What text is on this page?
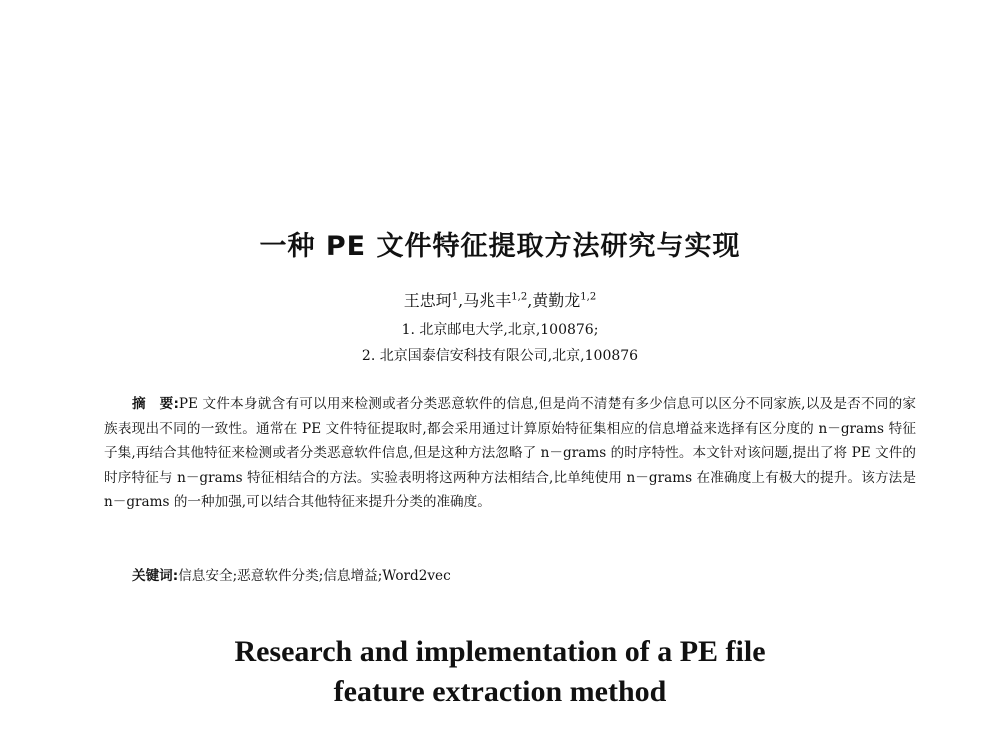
一种 PE 文件特征提取方法研究与实现
王忠珂$^1$,马兆丰$^{1,2}$,黄勤龙$^{1,2}$
1. 北京邮电大学,北京,100876;
2. 北京国泰信安科技有限公司,北京,100876
摘　要:PE 文件本身就含有可以用来检测或者分类恶意软件的信息,但是尚不清楚有多少信息可以区分不同家族,以及是否不同的家族表现出不同的一致性。通常在 PE 文件特征提取时,都会采用通过计算原始特征集相应的信息增益来选择有区分度的 n－grams 特征子集,再结合其他特征来检测或者分类恶意软件信息,但是这种方法忽略了 n－grams 的时序特性。本文针对该问题,提出了将 PE 文件的时序特征与 n－grams 特征相结合的方法。实验表明将这两种方法相结合,比单纯使用 n－grams 在准确度上有极大的提升。该方法是 n－grams 的一种加强,可以结合其他特征来提升分类的准确度。
关键词:信息安全;恶意软件分类;信息增益;Word2vec
Research and implementation of a PE file
feature extraction method
